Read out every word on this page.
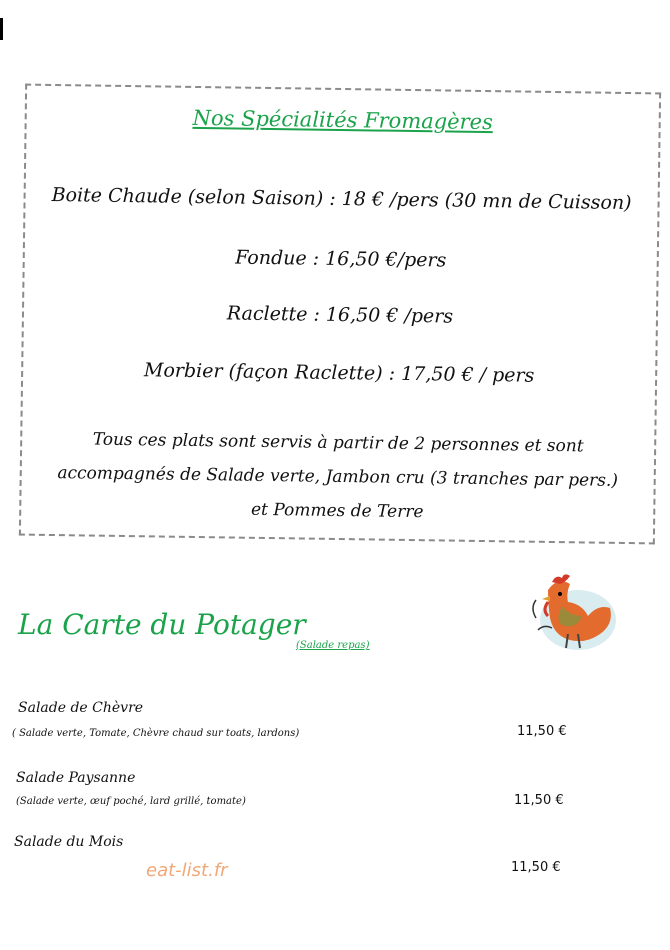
Nos Spécialités Fromagères
Boite Chaude (selon Saison) : 18 € /pers (30 mn de Cuisson)
Fondue : 16,50 €/pers
Raclette : 16,50 € /pers
Morbier (façon Raclette) : 17,50 € / pers
Tous ces plats sont servis à partir de 2 personnes et sont
accompagnés de Salade verte, Jambon cru (3 tranches par pers.)
et Pommes de Terre
La Carte du Potager
(Salade repas)
Salade de Chèvre
( Salade verte, Tomate, Chèvre chaud sur toats, lardons)	11,50 €
Salade Paysanne
(Salade verte, œuf poché, lard grillé, tomate)	11,50 €
Salade du Mois
11,50 €
eat-list.fr
